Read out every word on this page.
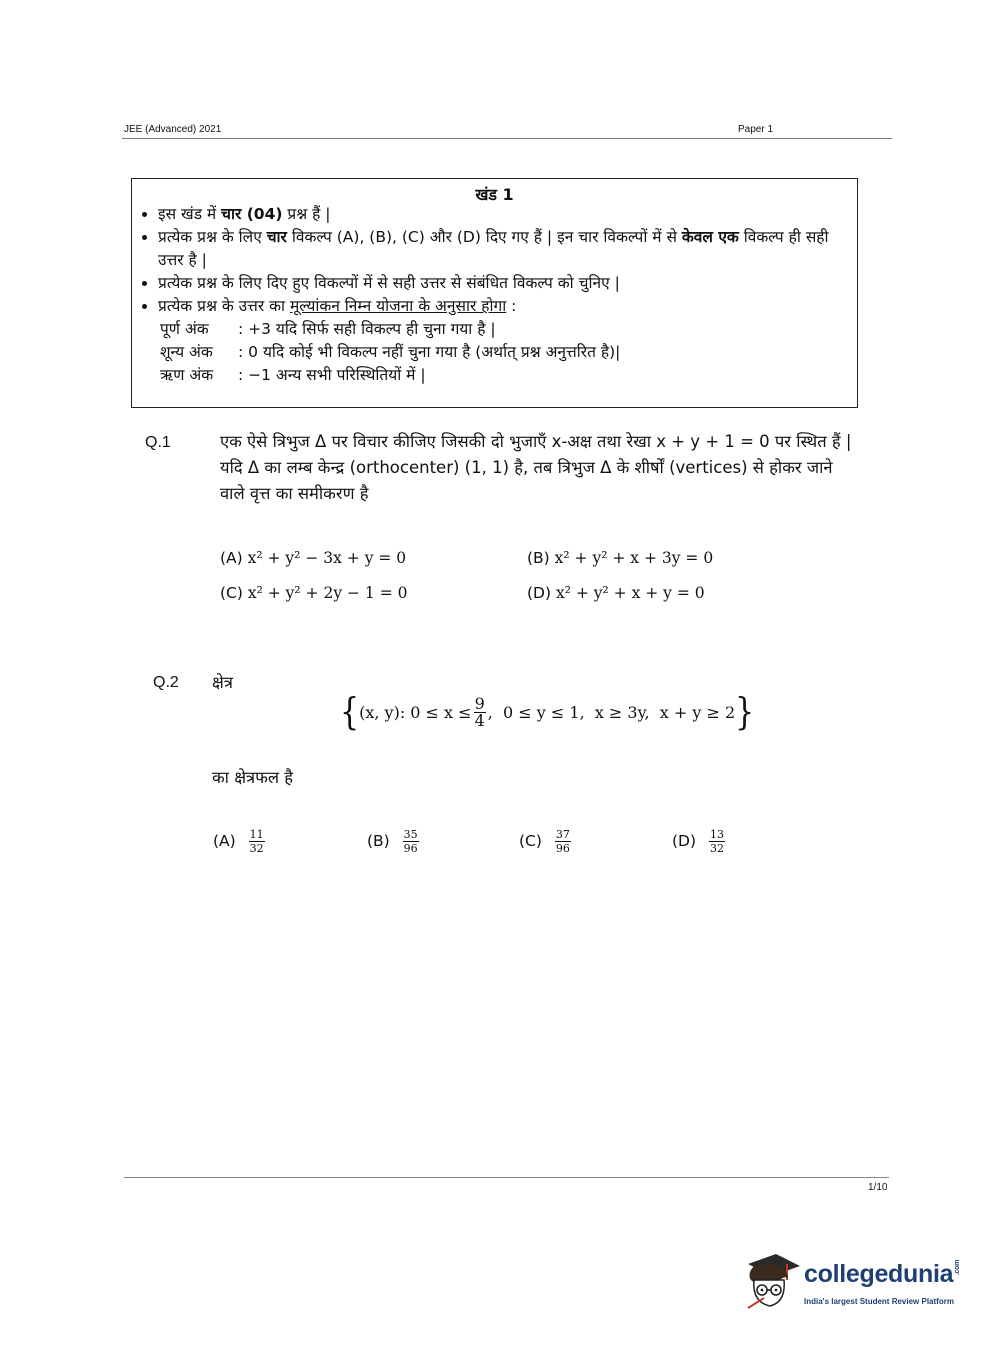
JEE (Advanced) 2021	Paper 1
खंड 1
• इस खंड में चार (04) प्रश्न हैं |
• प्रत्येक प्रश्न के लिए चार विकल्प (A), (B), (C) और (D) दिए गए हैं | इन चार विकल्पों में से केवल एक विकल्प ही सही उत्तर है |
• प्रत्येक प्रश्न के लिए दिए हुए विकल्पों में से सही उत्तर से संबंधित विकल्प को चुनिए |
• प्रत्येक प्रश्न के उत्तर का मूल्यांकन निम्न योजना के अनुसार होगा :
पूर्ण अंक	: +3 यदि सिर्फ सही विकल्प ही चुना गया है |
शून्य अंक	: 0 यदि कोई भी विकल्प नहीं चुना गया है (अर्थात् प्रश्न अनुत्तरित है)|
ऋण अंक	: −1 अन्य सभी परिस्थितियों में |
Q.1	एक ऐसे त्रिभुज Δ पर विचार कीजिए जिसकी दो भुजाएँ x-अक्ष तथा रेखा x + y + 1 = 0 पर स्थित हैं | यदि Δ का लम्ब केन्द्र (orthocenter) (1, 1) है, तब त्रिभुज Δ के शीर्षों (vertices) से होकर जाने वाले वृत्त का समीकरण है
(A) x² + y² − 3x + y = 0	(B) x² + y² + x + 3y = 0
(C) x² + y² + 2y − 1 = 0	(D) x² + y² + x + y = 0
Q.2 क्षेत्र
{ (x, y): $0 \le x \le \frac{9}{4}$ ,  0 ≤ y ≤ 1,  x ≥ 3y,  x + y ≥ 2 }
का क्षेत्रफल है
$(A) \frac{11}{32}$	$(B) \frac{35}{96}$	$(C) \frac{37}{96}$	$(D) \frac{13}{32}$
1/10
collegedunia.com
India's largest Student Review Platform
